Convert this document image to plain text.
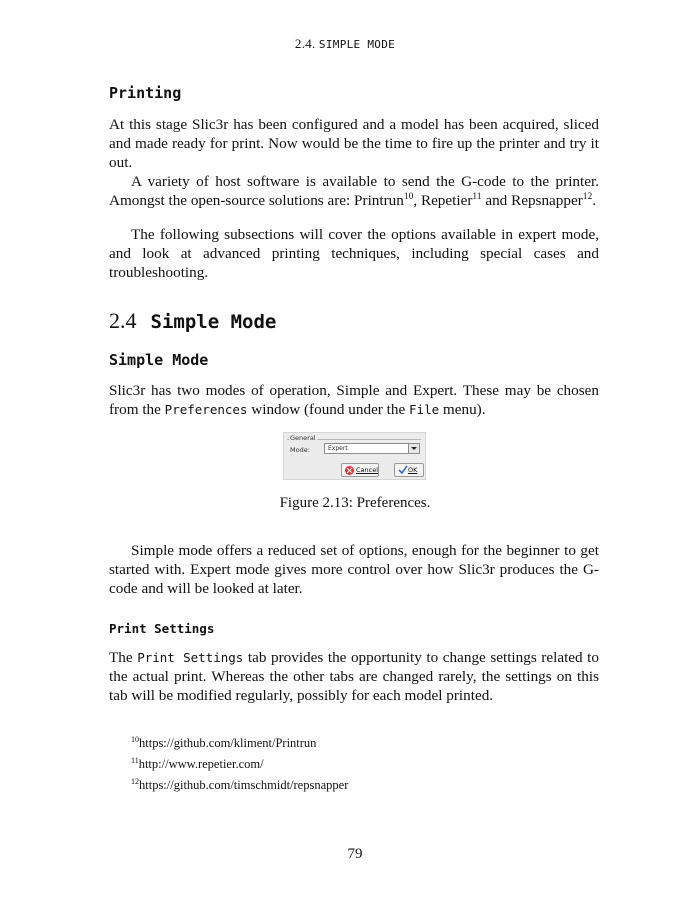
2.4. SIMPLE MODE
Printing

At this stage Slic3r has been configured and a model has been acquired, sliced and made ready for print. Now would be the time to fire up the printer and try it out.

A variety of host software is available to send the G-code to the printer. Amongst the open-source solutions are: Printrun$^{10}$, Repetier$^{11}$ and Repsnapper$^{12}$.

The following subsections will cover the options available in expert mode, and look at advanced printing techniques, including special cases and troubleshooting.

2.4 Simple Mode
Simple Mode

Slic3r has two modes of operation, Simple and Expert. These may be chosen from the Preferences window (found under the File menu).

General
Mode:	Expert
Cancel	OK

Figure 2.13: Preferences.

Simple mode offers a reduced set of options, enough for the beginner to get started with. Expert mode gives more control over how Slic3r produces the G-code and will be looked at later.

Print Settings

The Print Settings tab provides the opportunity to change settings related to the actual print. Whereas the other tabs are changed rarely, the settings on this tab will be modified regularly, possibly for each model printed.

$^{10}$https://github.com/kliment/Printrun
$^{11}$http://www.repetier.com/
$^{12}$https://github.com/timschmidt/repsnapper
79
